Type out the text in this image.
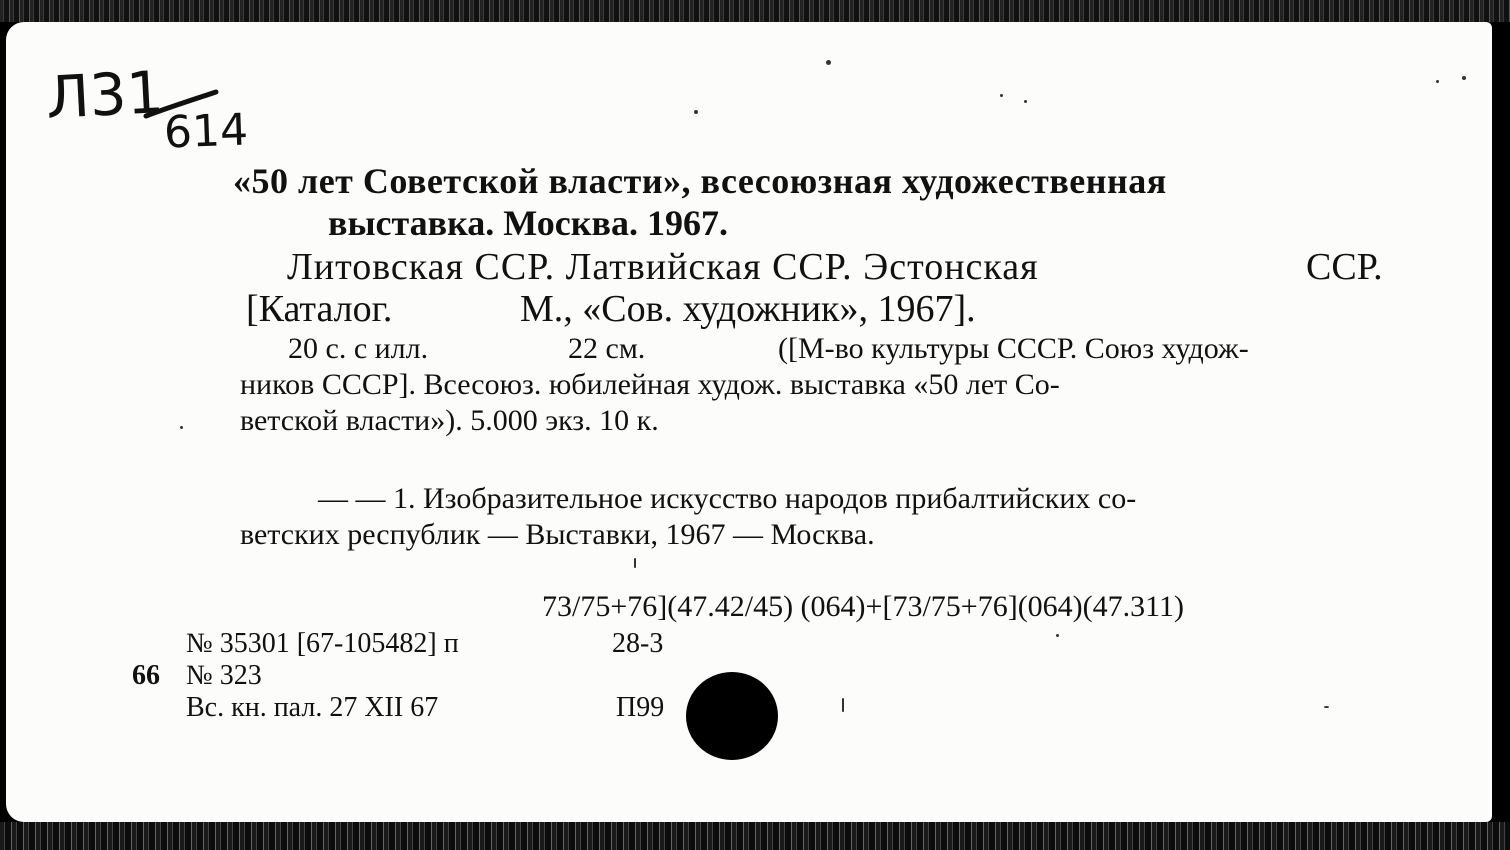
Л31
614
«50 лет Советской власти», всесоюзная художественная
выставка. Москва. 1967.
Литовская ССР. Латвийская ССР. Эстонская	ССР.
[Каталог.	М., «Сов. художник», 1967].
20 с. с илл.	22 см.	([М-во культуры СССР. Союз худож-
ников СССР]. Всесоюз. юбилейная худож. выставка «50 лет Со-
ветской власти»). 5.000 экз. 10 к.
— — 1. Изобразительное искусство народов прибалтийских со-
ветских республик — Выставки, 1967 — Москва.
73/75+76](47.42/45) (064)+[73/75+76](064)(47.311)
№ 35301 [67-105482] п	28-3
66 № 323
Вс. кн. пал. 27 XII 67	П99
